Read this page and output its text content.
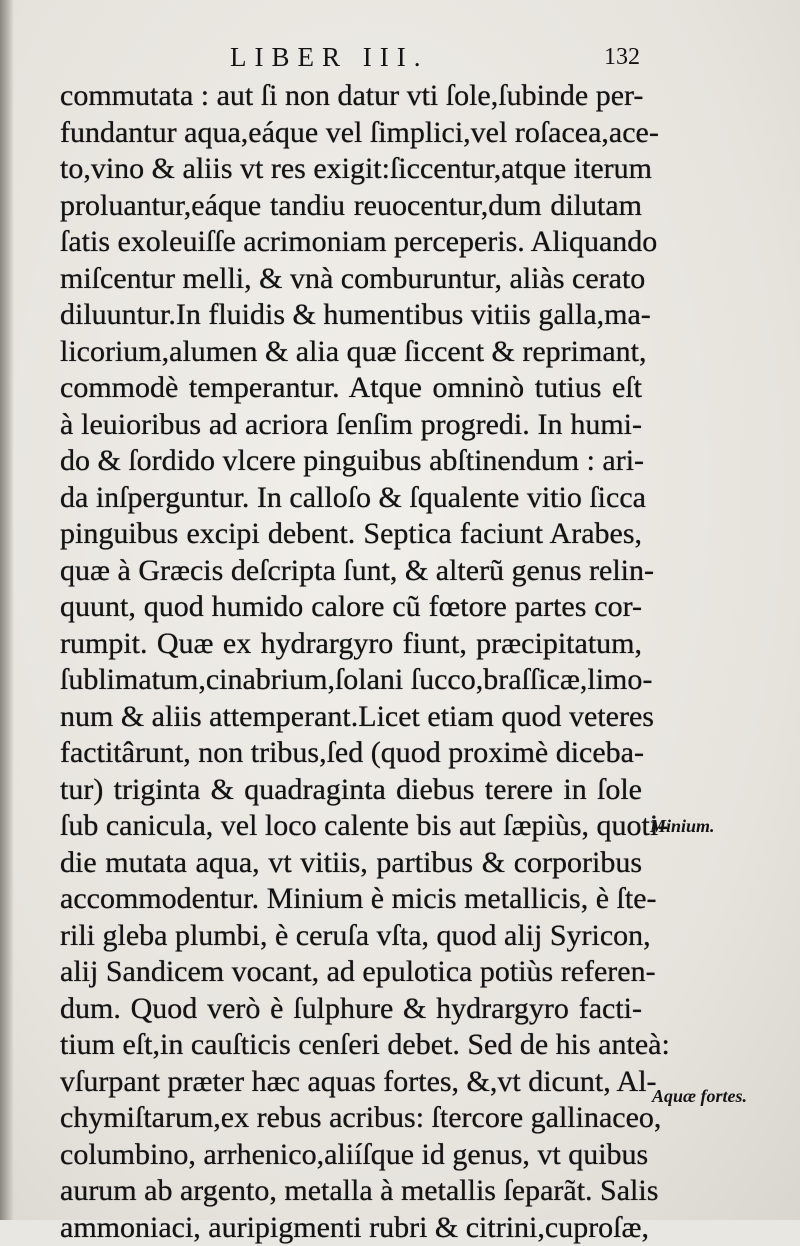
LIBER III.	132
commutata : aut ſi non datur vti ſole,ſubinde per-
fundantur aqua,eáque vel ſimplici,vel roſacea,ace-
to,vino & aliis vt res exigit:ſiccentur,atque iterum
proluantur,eáque tandiu reuocentur,dum dilutam
ſatis exoleuiſſe acrimoniam perceperis. Aliquando
miſcentur melli, & vnà comburuntur, aliàs cerato
diluuntur.In fluidis & humentibus vitiis galla,ma-
licorium,alumen & alia quæ ſiccent & reprimant,
commodè temperantur. Atque omninò tutius eſt
à leuioribus ad acriora ſenſim progredi. In humi-
do & ſordido vlcere pinguibus abſtinendum : ari-
da inſperguntur. In calloſo & ſqualente vitio ſicca
pinguibus excipi debent. Septica faciunt Arabes,
quæ à Græcis deſcripta ſunt, & alterũ genus relin-
quunt, quod humido calore cũ fœtore partes cor-
rumpit. Quæ ex hydrargyro fiunt, præcipitatum,
ſublimatum,cinabrium,ſolani ſucco,braſſicæ,limo-
num & aliis attemperant.Licet etiam quod veteres
factitârunt, non tribus,ſed (quod proximè diceba-
tur) triginta & quadraginta diebus terere in ſole
ſub canicula, vel loco calente bis aut ſæpiùs, quoti-
die mutata aqua, vt vitiis, partibus & corporibus
accommodentur. Minium è micis metallicis, è ſte-
rili gleba plumbi, è ceruſa vſta, quod alij Syricon,
alij Sandicem vocant, ad epulotica potiùs referen-
dum. Quod verò è ſulphure & hydrargyro facti-
tium eſt,in cauſticis cenſeri debet. Sed de his anteà:
vſurpant præter hæc aquas fortes, &,vt dicunt, Al-
chymiſtarum,ex rebus acribus: ſtercore gallinaceo,
columbino, arrhenico,aliíſque id genus, vt quibus
aurum ab argento, metalla à metallis ſeparãt. Salis
ammoniaci, auripigmenti rubri & citrini,cuproſæ,
Minium.
Aquæ fortes.
